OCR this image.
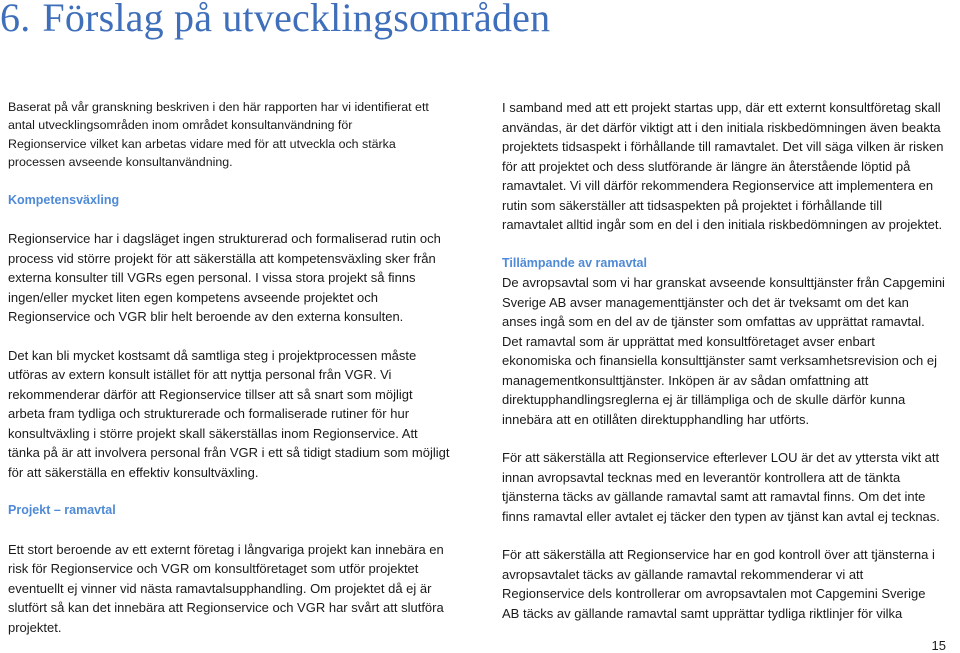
6. Förslag på utvecklingsområden

Baserat på vår granskning beskriven i den här rapporten har vi identifierat ett
antal utvecklingsområden inom området konsultanvändning för
Regionservice vilket kan arbetas vidare med för att utveckla och stärka
processen avseende konsultanvändning.

Kompetensväxling

Regionservice har i dagsläget ingen strukturerad och formaliserad rutin och
process vid större projekt för att säkerställa att kompetensväxling sker från
externa konsulter till VGRs egen personal. I vissa stora projekt så finns
ingen/eller mycket liten egen kompetens avseende projektet och
Regionservice och VGR blir helt beroende av den externa konsulten.

Det kan bli mycket kostsamt då samtliga steg i projektprocessen måste
utföras av extern konsult istället för att nyttja personal från VGR. Vi
rekommenderar därför att Regionservice tillser att så snart som möjligt
arbeta fram tydliga och strukturerade och formaliserade rutiner för hur
konsultväxling i större projekt skall säkerställas inom Regionservice. Att
tänka på är att involvera personal från VGR i ett så tidigt stadium som möjligt
för att säkerställa en effektiv konsultväxling.

Projekt – ramavtal

Ett stort beroende av ett externt företag i långvariga projekt kan innebära en
risk för Regionservice och VGR om konsultföretaget som utför projektet
eventuellt ej vinner vid nästa ramavtalsupphandling. Om projektet då ej är
slutfört så kan det innebära att Regionservice och VGR har svårt att slutföra
projektet.

I samband med att ett projekt startas upp, där ett externt konsultföretag skall
användas, är det därför viktigt att i den initiala riskbedömningen även beakta
projektets tidsaspekt i förhållande till ramavtalet. Det vill säga vilken är risken
för att projektet och dess slutförande är längre än återstående löptid på
ramavtalet. Vi vill därför rekommendera Regionservice att implementera en
rutin som säkerställer att tidsaspekten på projektet i förhållande till
ramavtalet alltid ingår som en del i den initiala riskbedömningen av projektet.

Tillämpande av ramavtal

De avropsavtal som vi har granskat avseende konsulttjänster från Capgemini
Sverige AB avser managementtjänster och det är tveksamt om det kan
anses ingå som en del av de tjänster som omfattas av upprättat ramavtal.
Det ramavtal som är upprättat med konsultföretaget avser enbart
ekonomiska och finansiella konsulttjänster samt verksamhetsrevision och ej
managementkonsulttjänster. Inköpen är av sådan omfattning att
direktupphandlingsreglerna ej är tillämpliga och de skulle därför kunna
innebära att en otillåten direktupphandling har utförts.

För att säkerställa att Regionservice efterlever LOU är det av yttersta vikt att
innan avropsavtal tecknas med en leverantör kontrollera att de tänkta
tjänsterna täcks av gällande ramavtal samt att ramavtal finns. Om det inte
finns ramavtal eller avtalet ej täcker den typen av tjänst kan avtal ej tecknas.

För att säkerställa att Regionservice har en god kontroll över att tjänsterna i
avropsavtalet täcks av gällande ramavtal rekommenderar vi att
Regionservice dels kontrollerar om avropsavtalen mot Capgemini Sverige
AB täcks av gällande ramavtal samt upprättar tydliga riktlinjer för vilka

15
